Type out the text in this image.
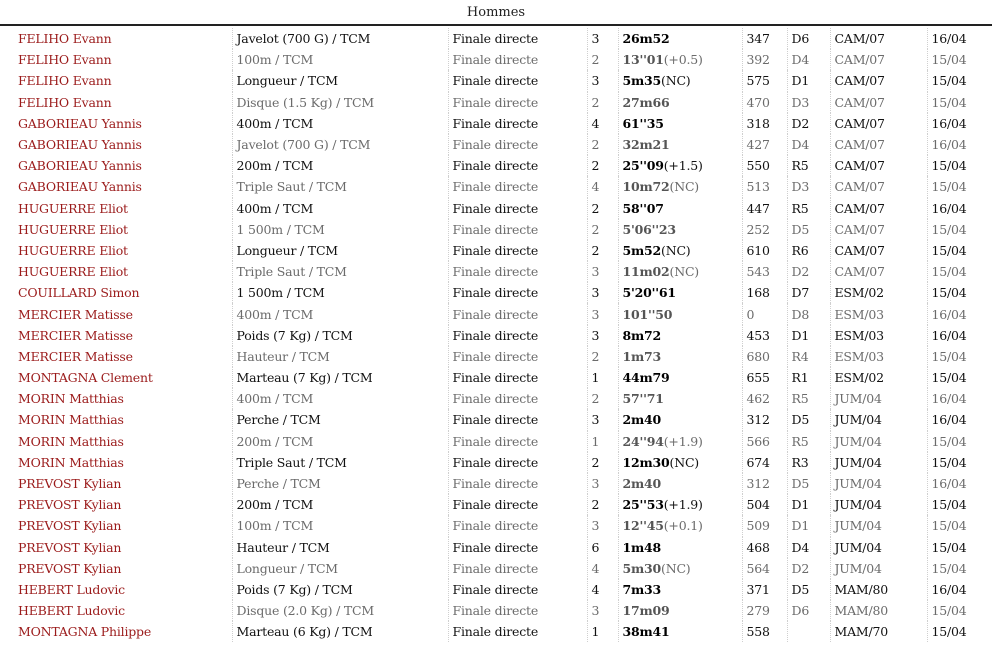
Hommes
FELIHO Evann	Javelot (700 G) / TCM	Finale directe	3	26m52	347	D6	CAM/07	16/04
FELIHO Evann	100m / TCM	Finale directe	2	13''01(+0.5)	392	D4	CAM/07	15/04
FELIHO Evann	Longueur / TCM	Finale directe	3	5m35(NC)	575	D1	CAM/07	15/04
FELIHO Evann	Disque (1.5 Kg) / TCM	Finale directe	2	27m66	470	D3	CAM/07	15/04
GABORIEAU Yannis	400m / TCM	Finale directe	4	61''35	318	D2	CAM/07	16/04
GABORIEAU Yannis	Javelot (700 G) / TCM	Finale directe	2	32m21	427	D4	CAM/07	16/04
GABORIEAU Yannis	200m / TCM	Finale directe	2	25''09(+1.5)	550	R5	CAM/07	15/04
GABORIEAU Yannis	Triple Saut / TCM	Finale directe	4	10m72(NC)	513	D3	CAM/07	15/04
HUGUERRE Eliot	400m / TCM	Finale directe	2	58''07	447	R5	CAM/07	16/04
HUGUERRE Eliot	1 500m / TCM	Finale directe	2	5'06''23	252	D5	CAM/07	15/04
HUGUERRE Eliot	Longueur / TCM	Finale directe	2	5m52(NC)	610	R6	CAM/07	15/04
HUGUERRE Eliot	Triple Saut / TCM	Finale directe	3	11m02(NC)	543	D2	CAM/07	15/04
COUILLARD Simon	1 500m / TCM	Finale directe	3	5'20''61	168	D7	ESM/02	15/04
MERCIER Matisse	400m / TCM	Finale directe	3	101''50	0	D8	ESM/03	16/04
MERCIER Matisse	Poids (7 Kg) / TCM	Finale directe	3	8m72	453	D1	ESM/03	16/04
MERCIER Matisse	Hauteur / TCM	Finale directe	2	1m73	680	R4	ESM/03	15/04
MONTAGNA Clement	Marteau (7 Kg) / TCM	Finale directe	1	44m79	655	R1	ESM/02	15/04
MORIN Matthias	400m / TCM	Finale directe	2	57''71	462	R5	JUM/04	16/04
MORIN Matthias	Perche / TCM	Finale directe	3	2m40	312	D5	JUM/04	16/04
MORIN Matthias	200m / TCM	Finale directe	1	24''94(+1.9)	566	R5	JUM/04	15/04
MORIN Matthias	Triple Saut / TCM	Finale directe	2	12m30(NC)	674	R3	JUM/04	15/04
PREVOST Kylian	Perche / TCM	Finale directe	3	2m40	312	D5	JUM/04	16/04
PREVOST Kylian	200m / TCM	Finale directe	2	25''53(+1.9)	504	D1	JUM/04	15/04
PREVOST Kylian	100m / TCM	Finale directe	3	12''45(+0.1)	509	D1	JUM/04	15/04
PREVOST Kylian	Hauteur / TCM	Finale directe	6	1m48	468	D4	JUM/04	15/04
PREVOST Kylian	Longueur / TCM	Finale directe	4	5m30(NC)	564	D2	JUM/04	15/04
HEBERT Ludovic	Poids (7 Kg) / TCM	Finale directe	4	7m33	371	D5	MAM/80	16/04
HEBERT Ludovic	Disque (2.0 Kg) / TCM	Finale directe	3	17m09	279	D6	MAM/80	15/04
MONTAGNA Philippe	Marteau (6 Kg) / TCM	Finale directe	1	38m41	558		MAM/70	15/04
